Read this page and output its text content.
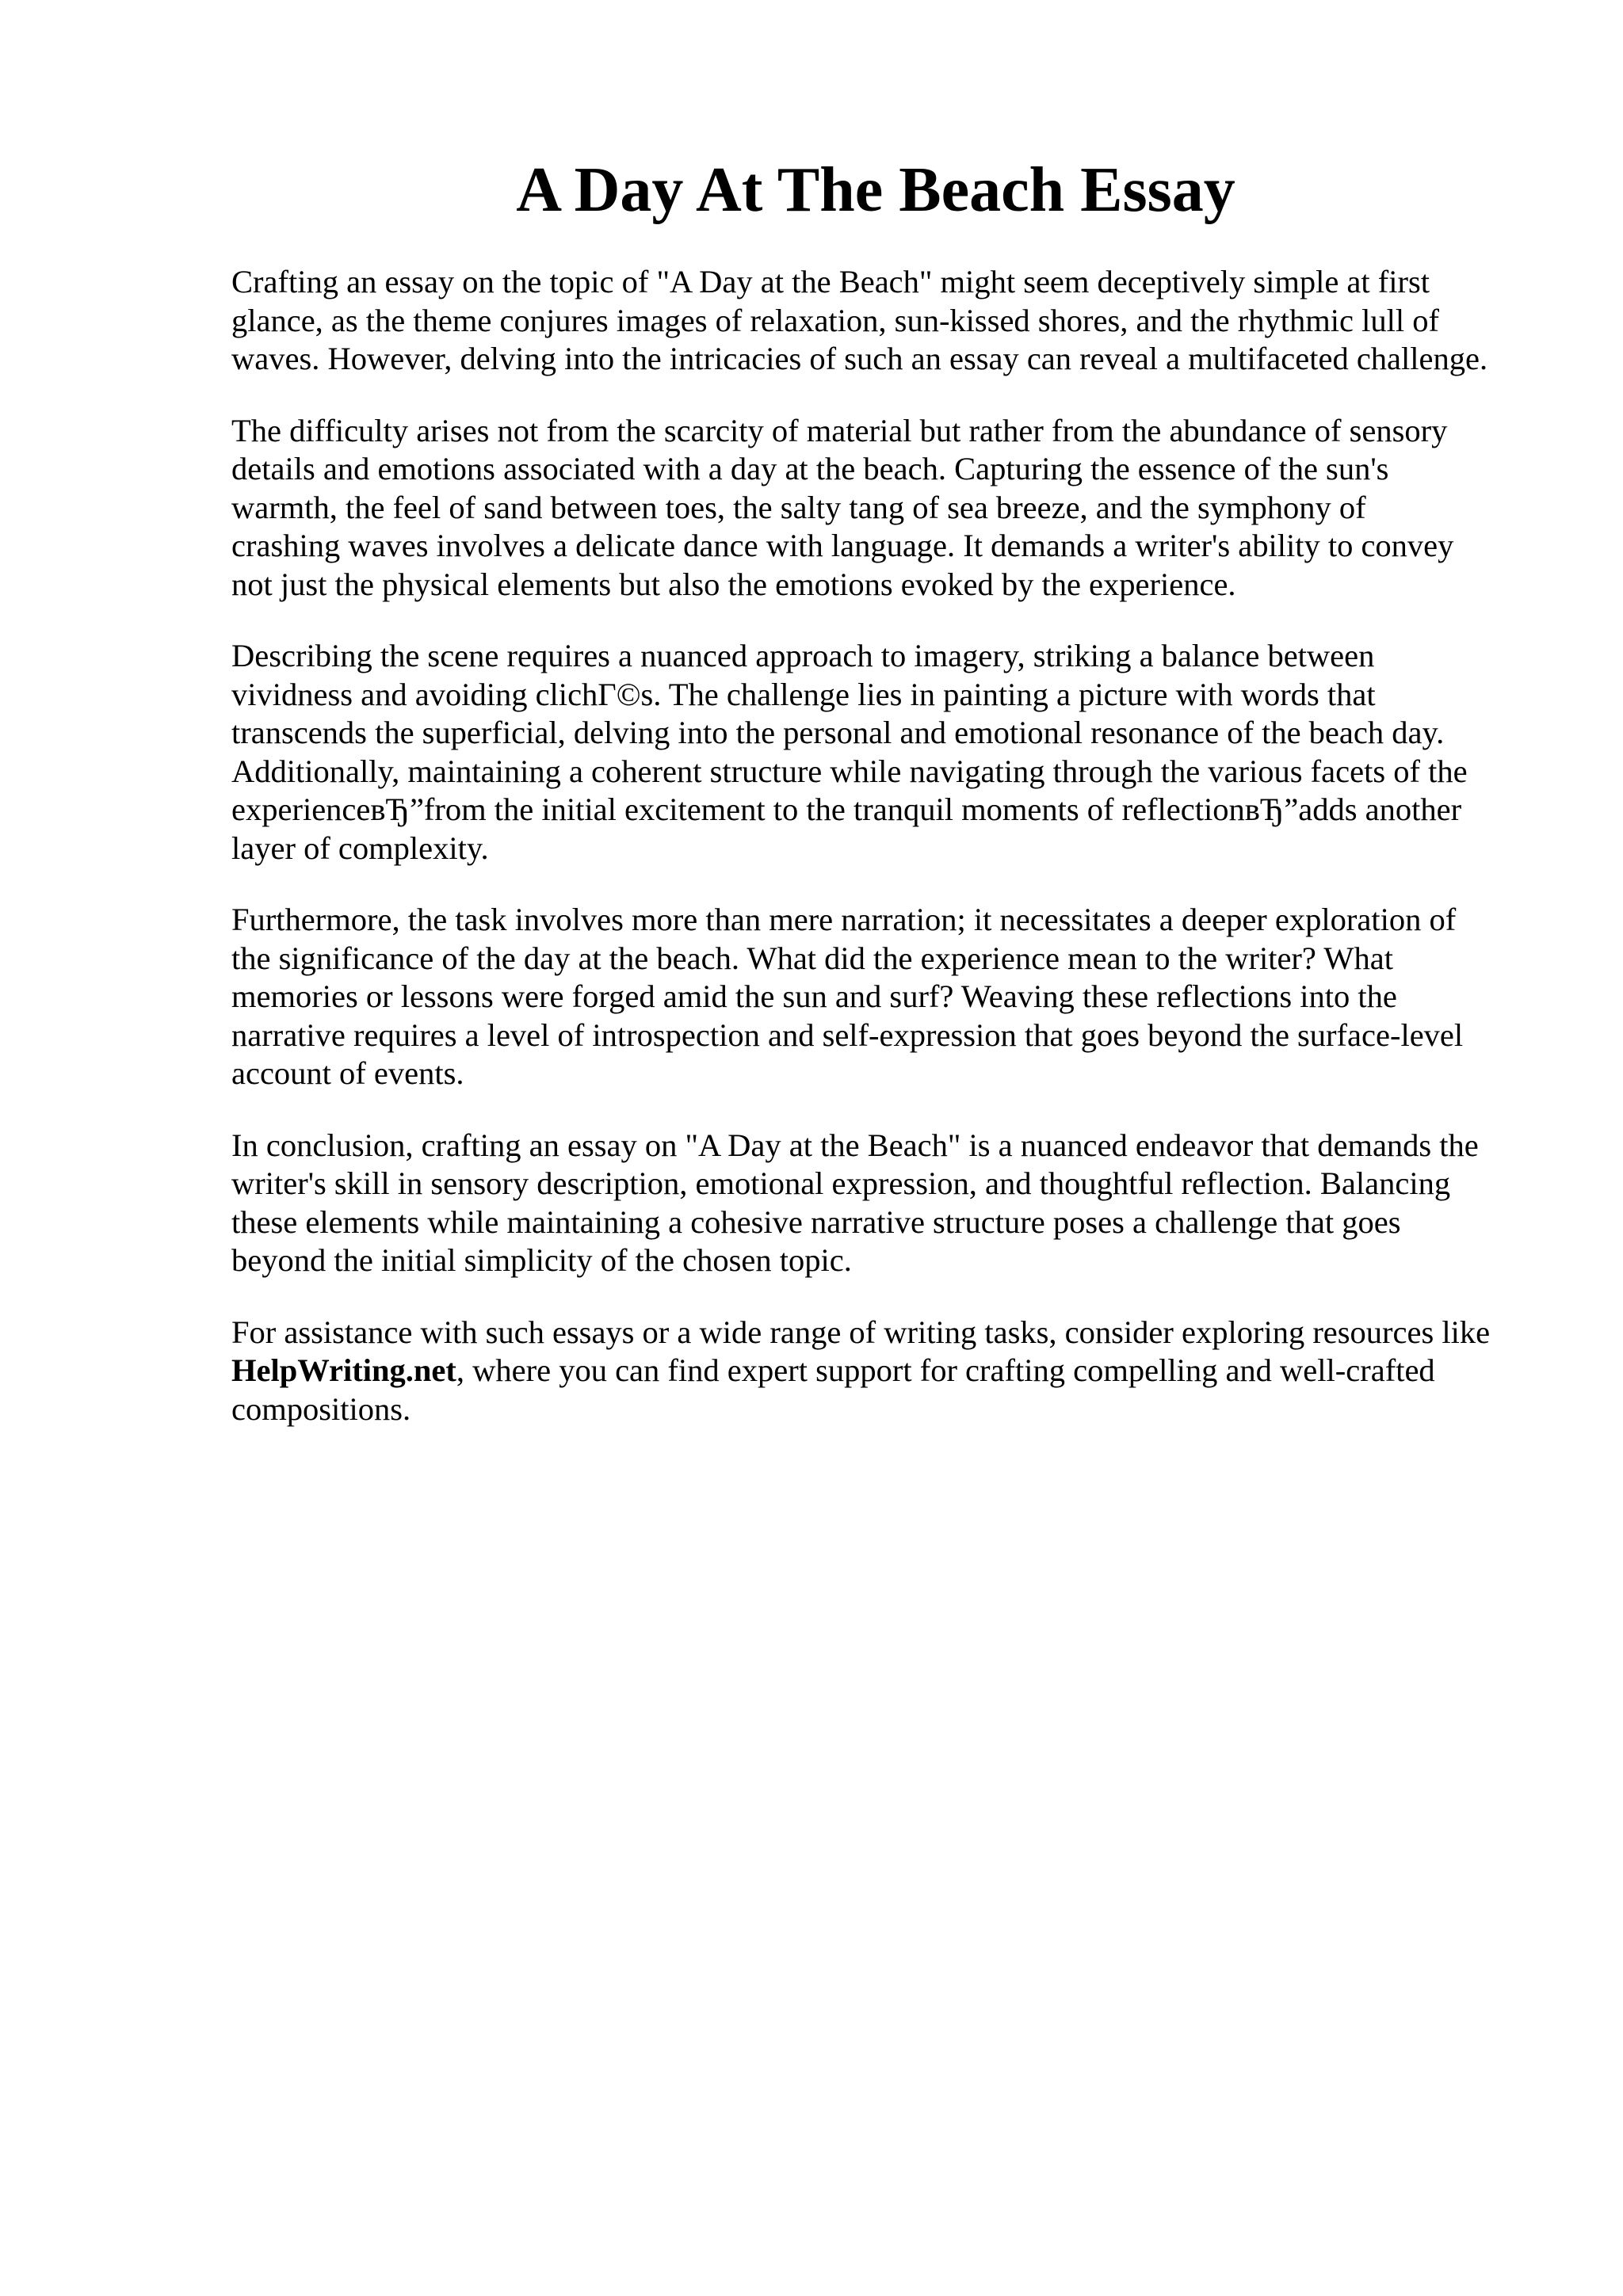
A Day At The Beach Essay

Crafting an essay on the topic of "A Day at the Beach" might seem deceptively simple at first
glance, as the theme conjures images of relaxation, sun-kissed shores, and the rhythmic lull of
waves. However, delving into the intricacies of such an essay can reveal a multifaceted challenge.

The difficulty arises not from the scarcity of material but rather from the abundance of sensory
details and emotions associated with a day at the beach. Capturing the essence of the sun's
warmth, the feel of sand between toes, the salty tang of sea breeze, and the symphony of
crashing waves involves a delicate dance with language. It demands a writer's ability to convey
not just the physical elements but also the emotions evoked by the experience.

Describing the scene requires a nuanced approach to imagery, striking a balance between
vividness and avoiding clichГ©s. The challenge lies in painting a picture with words that
transcends the superficial, delving into the personal and emotional resonance of the beach day.
Additionally, maintaining a coherent structure while navigating through the various facets of the
experienceвЂ”from the initial excitement to the tranquil moments of reflectionвЂ”adds another
layer of complexity.

Furthermore, the task involves more than mere narration; it necessitates a deeper exploration of
the significance of the day at the beach. What did the experience mean to the writer? What
memories or lessons were forged amid the sun and surf? Weaving these reflections into the
narrative requires a level of introspection and self-expression that goes beyond the surface-level
account of events.

In conclusion, crafting an essay on "A Day at the Beach" is a nuanced endeavor that demands the
writer's skill in sensory description, emotional expression, and thoughtful reflection. Balancing
these elements while maintaining a cohesive narrative structure poses a challenge that goes
beyond the initial simplicity of the chosen topic.

For assistance with such essays or a wide range of writing tasks, consider exploring resources like
HelpWriting.net, where you can find expert support for crafting compelling and well-crafted
compositions.
